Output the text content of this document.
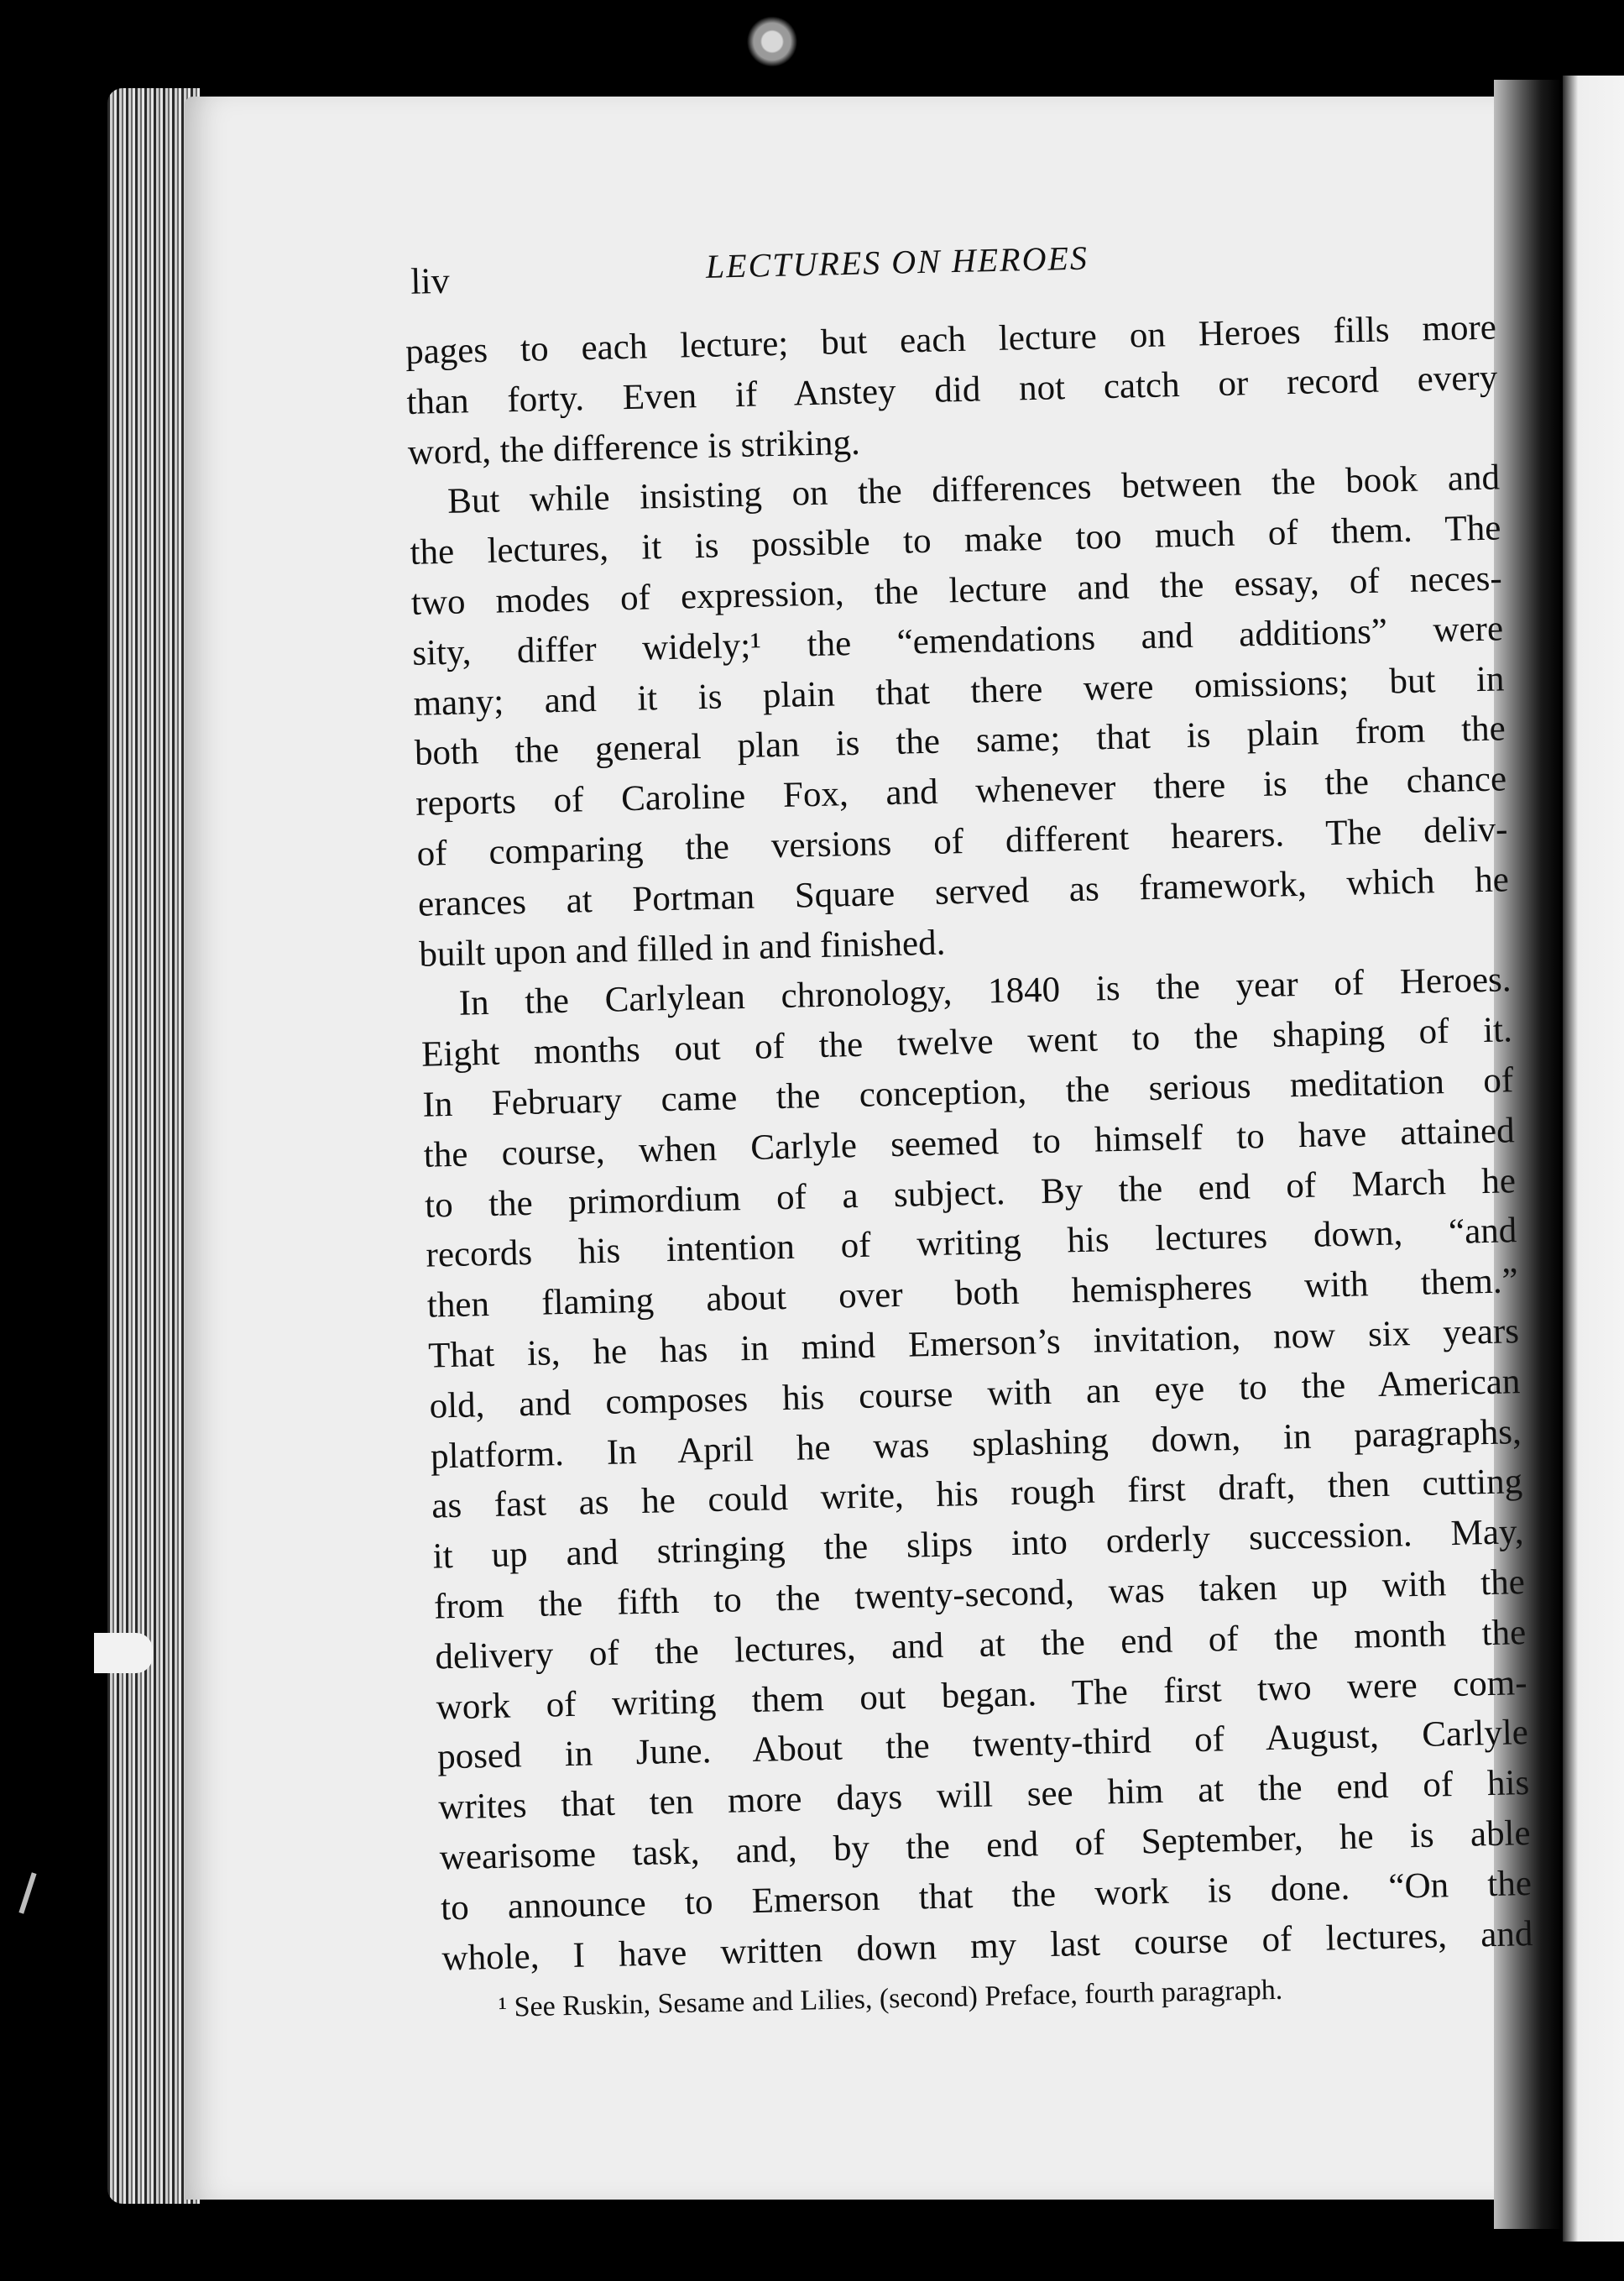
liv	LECTURES ON HEROES
pages to each lecture; but each lecture on Heroes fills more
than forty. Even if Anstey did not catch or record every
word, the difference is striking.
But while insisting on the differences between the book and
the lectures, it is possible to make too much of them. The
two modes of expression, the lecture and the essay, of neces-
sity, differ widely;¹ the “emendations and additions” were
many; and it is plain that there were omissions; but in
both the general plan is the same; that is plain from the
reports of Caroline Fox, and whenever there is the chance
of comparing the versions of different hearers. The deliv-
erances at Portman Square served as framework, which he
built upon and filled in and finished.
In the Carlylean chronology, 1840 is the year of Heroes.
Eight months out of the twelve went to the shaping of it.
In February came the conception, the serious meditation of
the course, when Carlyle seemed to himself to have attained
to the primordium of a subject. By the end of March he
records his intention of writing his lectures down, “and
then flaming about over both hemispheres with them.”
That is, he has in mind Emerson’s invitation, now six years
old, and composes his course with an eye to the American
platform. In April he was splashing down, in paragraphs,
as fast as he could write, his rough first draft, then cutting
it up and stringing the slips into orderly succession. May,
from the fifth to the twenty-second, was taken up with the
delivery of the lectures, and at the end of the month the
work of writing them out began. The first two were com-
posed in June. About the twenty-third of August, Carlyle
writes that ten more days will see him at the end of his
wearisome task, and, by the end of September, he is able
to announce to Emerson that the work is done. “On the
whole, I have written down my last course of lectures, and
¹ See Ruskin, Sesame and Lilies, (second) Preface, fourth paragraph.
